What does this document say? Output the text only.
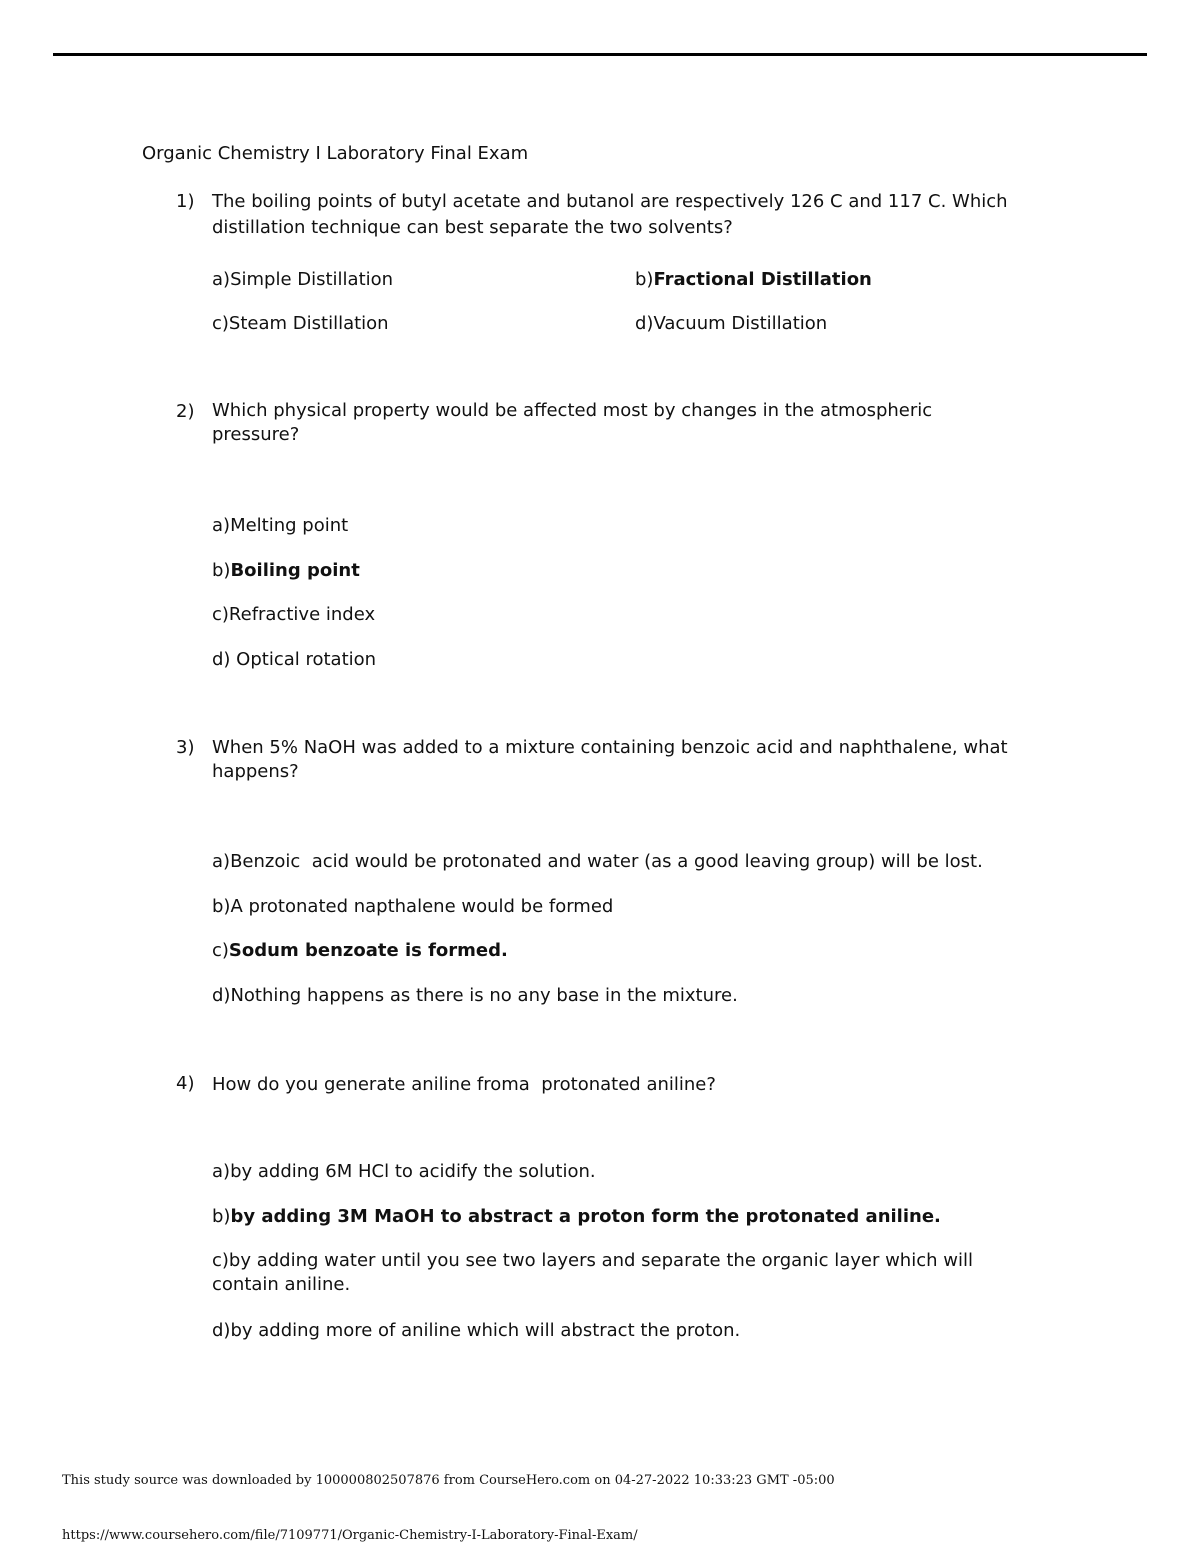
Organic Chemistry I Laboratory Final Exam
1) The boiling points of butyl acetate and butanol are respectively 126 C and 117 C. Which distillation technique can best separate the two solvents?
a)Simple Distillation	b)Fractional Distillation
c)Steam Distillation	d)Vacuum Distillation
2) Which physical property would be affected most by changes in the atmospheric pressure?
a)Melting point
b)Boiling point
c)Refractive index
d) Optical rotation
3) When 5% NaOH was added to a mixture containing benzoic acid and naphthalene, what happens?
a)Benzoic  acid would be protonated and water (as a good leaving group) will be lost.
b)A protonated napthalene would be formed
c)Sodum benzoate is formed.
d)Nothing happens as there is no any base in the mixture.
4) How do you generate aniline froma  protonated aniline?
a)by adding 6M HCl to acidify the solution.
b)by adding 3M MaOH to abstract a proton form the protonated aniline.
c)by adding water until you see two layers and separate the organic layer which will contain aniline.
d)by adding more of aniline which will abstract the proton.
This study source was downloaded by 100000802507876 from CourseHero.com on 04-27-2022 10:33:23 GMT -05:00
https://www.coursehero.com/file/7109771/Organic-Chemistry-I-Laboratory-Final-Exam/
